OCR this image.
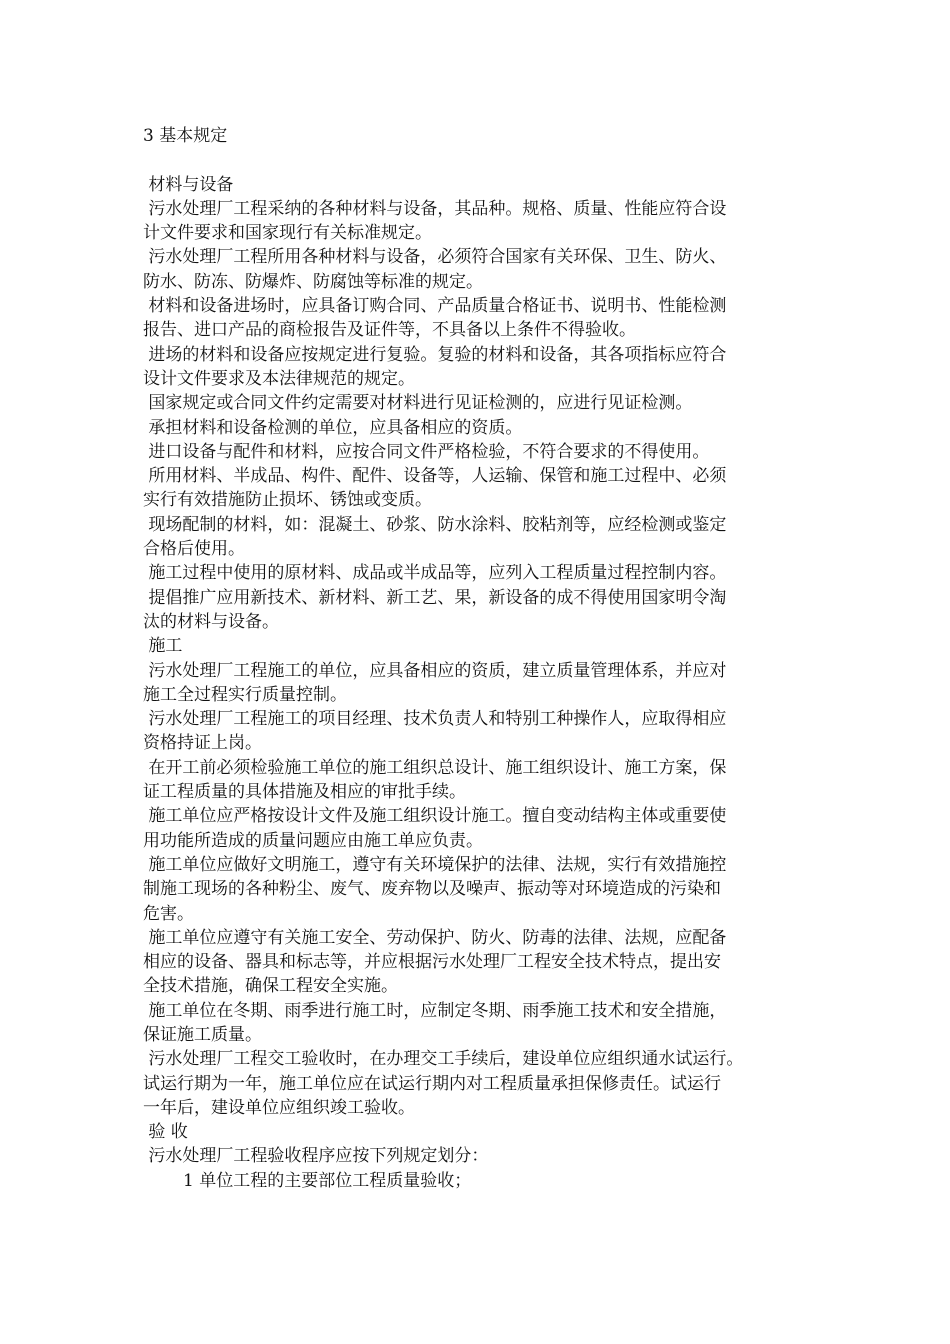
3 基本规定
材料与设备
污水处理厂工程采纳的各种材料与设备，其品种。规格、质量、性能应符合设
计文件要求和国家现行有关标准规定。
污水处理厂工程所用各种材料与设备，必须符合国家有关环保、卫生、防火、
防水、防冻、防爆炸、防腐蚀等标准的规定。
材料和设备进场时，应具备订购合同、产品质量合格证书、说明书、性能检测
报告、进口产品的商检报告及证件等，不具备以上条件不得验收。
进场的材料和设备应按规定进行复验。复验的材料和设备，其各项指标应符合
设计文件要求及本法律规范的规定。
国家规定或合同文件约定需要对材料进行见证检测的，应进行见证检测。
承担材料和设备检测的单位，应具备相应的资质。
进口设备与配件和材料，应按合同文件严格检验，不符合要求的不得使用。
所用材料、半成品、构件、配件、设备等，人运输、保管和施工过程中、必须
实行有效措施防止损坏、锈蚀或变质。
现场配制的材料，如：混凝土、砂浆、防水涂料、胶粘剂等，应经检测或鉴定
合格后使用。
施工过程中使用的原材料、成品或半成品等，应列入工程质量过程控制内容。
提倡推广应用新技术、新材料、新工艺、果，新设备的成不得使用国家明令淘
汰的材料与设备。
施工
污水处理厂工程施工的单位，应具备相应的资质，建立质量管理体系，并应对
施工全过程实行质量控制。
污水处理厂工程施工的项目经理、技术负责人和特别工种操作人，应取得相应
资格持证上岗。
在开工前必须检验施工单位的施工组织总设计、施工组织设计、施工方案，保
证工程质量的具体措施及相应的审批手续。
施工单位应严格按设计文件及施工组织设计施工。擅自变动结构主体或重要使
用功能所造成的质量问题应由施工单应负责。
施工单位应做好文明施工，遵守有关环境保护的法律、法规，实行有效措施控
制施工现场的各种粉尘、废气、废弃物以及噪声、振动等对环境造成的污染和
危害。
施工单位应遵守有关施工安全、劳动保护、防火、防毒的法律、法规，应配备
相应的设备、器具和标志等，并应根据污水处理厂工程安全技术特点，提出安
全技术措施，确保工程安全实施。
施工单位在冬期、雨季进行施工时，应制定冬期、雨季施工技术和安全措施，
保证施工质量。
污水处理厂工程交工验收时，在办理交工手续后，建设单位应组织通水试运行。
试运行期为一年，施工单位应在试运行期内对工程质量承担保修责任。试运行
一年后，建设单位应组织竣工验收。
验 收
污水处理厂工程验收程序应按下列规定划分：
1 单位工程的主要部位工程质量验收；
